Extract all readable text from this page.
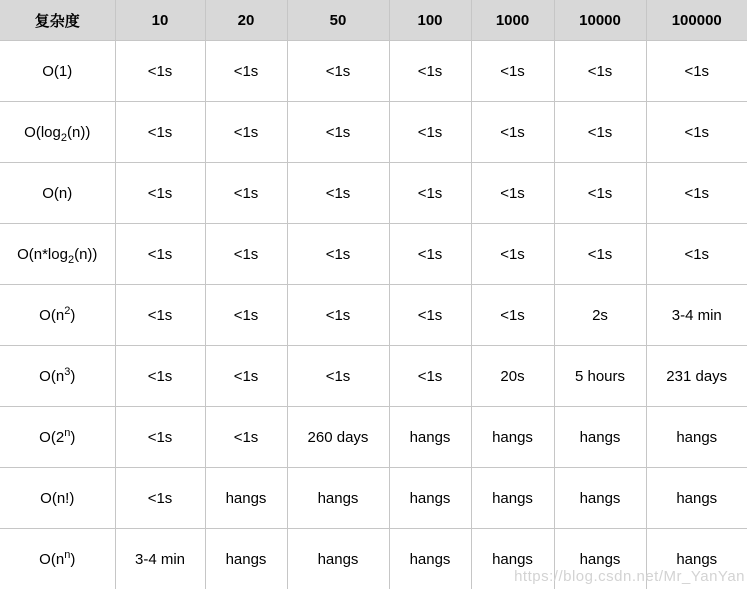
复杂度	10	20	50	100	1000	10000	100000
O(1)	<1s	<1s	<1s	<1s	<1s	<1s	<1s
$O(\log_2(n))$	<1s	<1s	<1s	<1s	<1s	<1s	<1s
O(n)	<1s	<1s	<1s	<1s	<1s	<1s	<1s
$O(n*\log_2(n))$	<1s	<1s	<1s	<1s	<1s	<1s	<1s
$O(n^2)$	<1s	<1s	<1s	<1s	<1s	2s	3-4 min
$O(n^3)$	<1s	<1s	<1s	<1s	20s	5 hours	231 days
$O(2^n)$	<1s	<1s	260 days	hangs	hangs	hangs	hangs
O(n!)	<1s	hangs	hangs	hangs	hangs	hangs	hangs
$O(n^n)$	3-4 min	hangs	hangs	hangs	hangs	hangs	hangs
https://blog.csdn.net/Mr_YanYan
